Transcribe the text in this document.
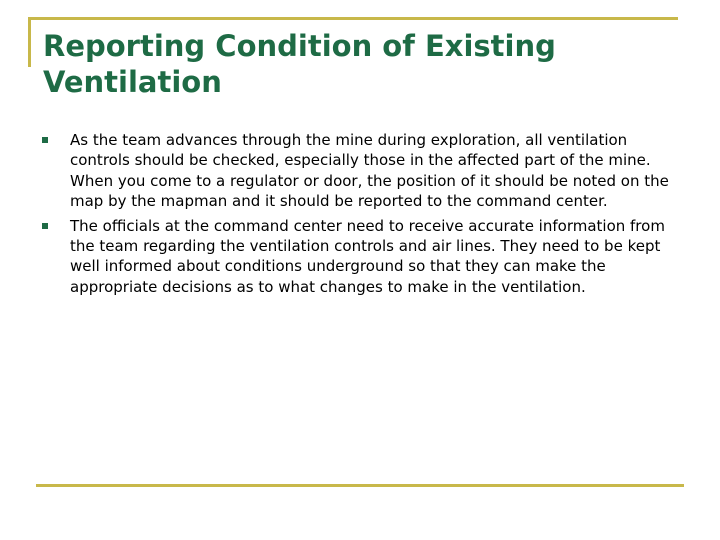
Reporting Condition of Existing Ventilation
As the team advances through the mine during exploration, all ventilation controls should be checked, especially those in the affected part of the mine. When you come to a regulator or door, the position of it should be noted on the map by the mapman and it should be reported to the command center.
The officials at the command center need to receive accurate information from the team regarding the ventilation controls and air lines. They need to be kept well informed about conditions underground so that they can make the appropriate decisions as to what changes to make in the ventilation.
